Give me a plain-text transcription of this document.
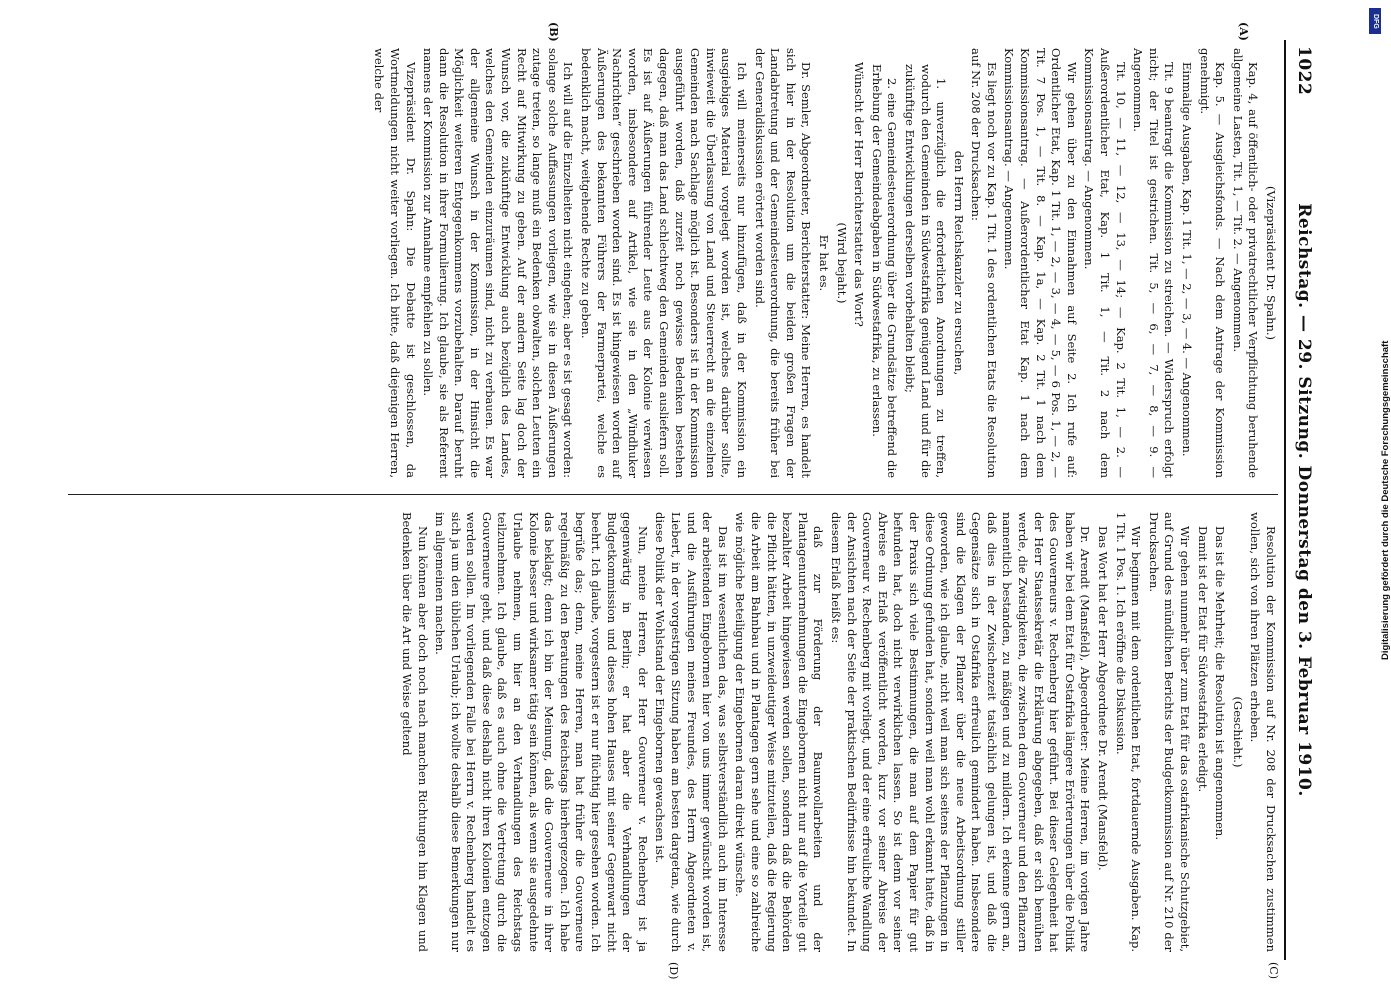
1022
Reichstag. — 29. Sitzung. Donnerstag den 3. Februar 1910.
(A)
(B)
(C)
(D)

(Vizepräsident Dr. Spahn.)

Kap. 4, auf öffentlich- oder privatrechtlicher Verpflichtung beruhende allgemeine Lasten, Tit. 1, — Tit. 2. — Angenommen.

Kap. 5. — Ausgleichsfonds. — Nach dem Antrage der Kommission genehmigt.

Einmalige Ausgaben, Kap. 1 Tit. 1, — 2, — 3, — 4. — Angenommen.

Tit. 9 beantragt die Kommission zu streichen. — Widerspruch erfolgt nicht; der Titel ist gestrichen. Tit. 5, — 6, — 7, — 8, — 9. — Angenommen.

Tit. 10, — 11, — 12, — 13, — 14; — Kap. 2 Tit. 1, — 2. — Außerordentlicher Etat, Kap. 1 Tit. 1, — Tit. 2 nach dem Kommissionsantrag. — Angenommen.

Wir gehen über zu den Einnahmen auf Seite 2. Ich rufe auf: Ordentlicher Etat, Kap. 1 Tit. 1, — 2, — 3, — 4, — 5, — 6 Pos. 1, — 2, — Tit. 7 Pos. 1, — Tit. 8. — Kap. 1a, — Kap. 2 Tit. 1 nach dem Kommissionsantrag. — Außerordentlicher Etat Kap. 1 nach dem Kommissionsantrag. — Angenommen.

Es liegt noch vor zu Kap. 1 Tit. 1 des ordentlichen Etats die Resolution auf Nr. 208 der Drucksachen:

den Herrn Reichskanzler zu ersuchen,

1. unverzüglich die erforderlichen Anordnungen zu treffen, wodurch den Gemeinden in Südwestafrika genügend Land und für die zukünftige Entwicklungen derselben vorbehalten bleibt;

2. eine Gemeindesteuerordnung über die Grundsätze betreffend die Erhebung der Gemeindeabgaben in Südwestafrika, zu erlassen.

Wünscht der Herr Berichterstatter das Wort?

(Wird bejaht.)

Er hat es.

Dr. Semler, Abgeordneter, Berichterstatter: Meine Herren, es handelt sich hier in der Resolution um die beiden großen Fragen der Landabtretung und der Gemeindesteuerordnung, die bereits früher bei der Generaldiskussion erörtert worden sind.

Ich will meinerseits nur hinzufügen, daß in der Kommission ein ausgiebiges Material vorgelegt worden ist, welches darüber sollte, inwieweit die Überlassung von Land und Steuerrecht an die einzelnen Gemeinden nach Sachlage möglich ist. Besonders ist in der Kommission ausgeführt worden, daß zurzeit noch gewisse Bedenken bestehen dagegen, daß man das Land schlechtweg den Gemeinden ausliefern soll. Es ist auf Äußerungen führender Leute aus der Kolonie verwiesen worden, insbesondere auf Artikel, wie sie in den „Windhuker Nachrichten“ geschrieben worden sind. Es ist hingewiesen worden auf Äußerungen des bekannten Führers der Farmerpartei, welche es bedenklich macht, weitgehende Rechte zu geben.

Ich will auf die Einzelheiten nicht eingehen; aber es ist gesagt worden: solange solche Auffassungen vorliegen, wie sie in diesen Äußerungen zutage treten, so lange muß ein Bedenken obwalten, solchen Leuten ein Recht auf Mitwirkung zu geben. Auf der andern Seite lag doch der Wunsch vor, die zukünftige Entwicklung auch bezüglich des Landes, welches den Gemeinden einzuräumen sind, nicht zu verbauen. Es war der allgemeine Wunsch in der Kommission, in der Hinsicht die Möglichkeit weiteren Entgegenkommens vorzubehalten. Darauf beruht dann die Resolution in ihrer Formulierung. Ich glaube, sie als Referent namens der Kommission zur Annahme empfehlen zu sollen.

Vizepräsident Dr. Spahn: Die Debatte ist geschlossen, da Wortmeldungen nicht weiter vorliegen. Ich bitte, daß diejenigen Herren, welche der

Resolution der Kommission auf Nr. 208 der Drucksachen zustimmen wollen, sich von ihren Plätzen erheben.

(Geschieht.)

Das ist die Mehrheit; die Resolution ist angenommen.

Damit ist der Etat für Südwestafrika erledigt.

Wir gehen nunmehr über zum Etat für das ostafrikanische Schutzgebiet, auf Grund des mündlichen Berichts der Budgetkommission auf Nr. 210 der Drucksachen.

Wir beginnen mit dem ordentlichen Etat, fortdauernde Ausgaben. Kap. 1 Tit. 1 Pos. 1. Ich eröffne die Diskussion.

Das Wort hat der Herr Abgeordnete Dr. Arendt (Mansfeld).

Dr. Arendt (Mansfeld), Abgeordneter: Meine Herren, im vorigen Jahre haben wir bei dem Etat für Ostafrika längere Erörterungen über die Politik des Gouverneurs v. Rechenberg hier geführt. Bei dieser Gelegenheit hat der Herr Staatssekretär die Erklärung abgegeben, daß er sich bemühen werde, die Zwistigkeiten, die zwischen dem Gouverneur und den Pflanzern namentlich bestanden, zu mäßigen und zu mildern. Ich erkenne gern an, daß dies in der Zwischenzeit tatsächlich gelungen ist, und daß die Gegensätze sich in Ostafrika erfreulich gemindert haben. Insbesondere sind die Klagen der Pflanzer über die neue Arbeitsordnung stiller geworden, wie ich glaube, nicht weil man sich seitens der Pflanzungen in diese Ordnung gefunden hat, sondern weil man wohl erkannt hatte, daß in der Praxis sich viele Bestimmungen, die man auf dem Papier für gut befunden hat, doch nicht verwirklichen lassen. So ist denn vor seiner Abreise ein Erlaß veröffentlicht worden, kurz vor seiner Abreise der Gouverneur v. Rechenberg mit vorliegt, und der eine erfreuliche Wandlung der Ansichten nach der Seite der praktischen Bedürfnisse hin bekundet. In diesem Erlaß heißt es:

daß zur Förderung der Baumwollarbeiten und der Plantagenunternehmungen die Eingebornen nicht nur auf die Vorteile gut bezahlter Arbeit hingewiesen werden sollen, sondern daß die Behörden die Pflicht hätten, in unzweideutiger Weise mitzuteilen, daß die Regierung die Arbeit am Bahnbau und in Plantagen gern sehe und eine so zahlreiche wie mögliche Beteiligung der Eingebornen daran direkt wünsche.

Das ist im wesentlichen das, was selbstverständlich auch im Interesse der arbeitenden Eingebornen hier von uns immer gewünscht worden ist, und die Ausführungen meines Freundes, des Herrn Abgeordneten v. Liebert, in der vorgestrigen Sitzung haben am besten dargetan, wie durch diese Politik der Wohlstand der Eingebornen gewachsen ist.

Nun, meine Herren, der Herr Gouverneur v. Rechenberg ist ja gegenwärtig in Berlin; er hat aber die Verhandlungen der Budgetkommission und dieses hohen Hauses mit seiner Gegenwart nicht beehrt. Ich glaube, vorgestern ist er nur flüchtig hier gesehen worden. Ich begrüße das; denn, meine Herren, man hat früher die Gouverneure regelmäßig zu den Beratungen des Reichstags hierhergezogen. Ich habe das beklagt; denn ich bin der Meinung, daß die Gouverneure in ihrer Kolonie besser und wirksamer tätig sein können, als wenn sie ausgedehnte Urlaube nehmen, um hier an den Verhandlungen des Reichstags teilzunehmen. Ich glaube, daß es auch ohne die Vertretung durch die Gouverneure geht, und daß diese deshalb nicht ihren Kolonien entzogen werden sollen. Im vorliegenden Falle bei Herrn v. Rechenberg handelt es sich ja um den üblichen Urlaub; ich wollte deshalb diese Bemerkungen nur im allgemeinen machen.

Nun können aber doch noch nach manchen Richtungen hin Klagen und Bedenken über die Art und Weise geltend

DFG
Digitalisierung gefördert durch die Deutsche Forschungsgemeinschaft
